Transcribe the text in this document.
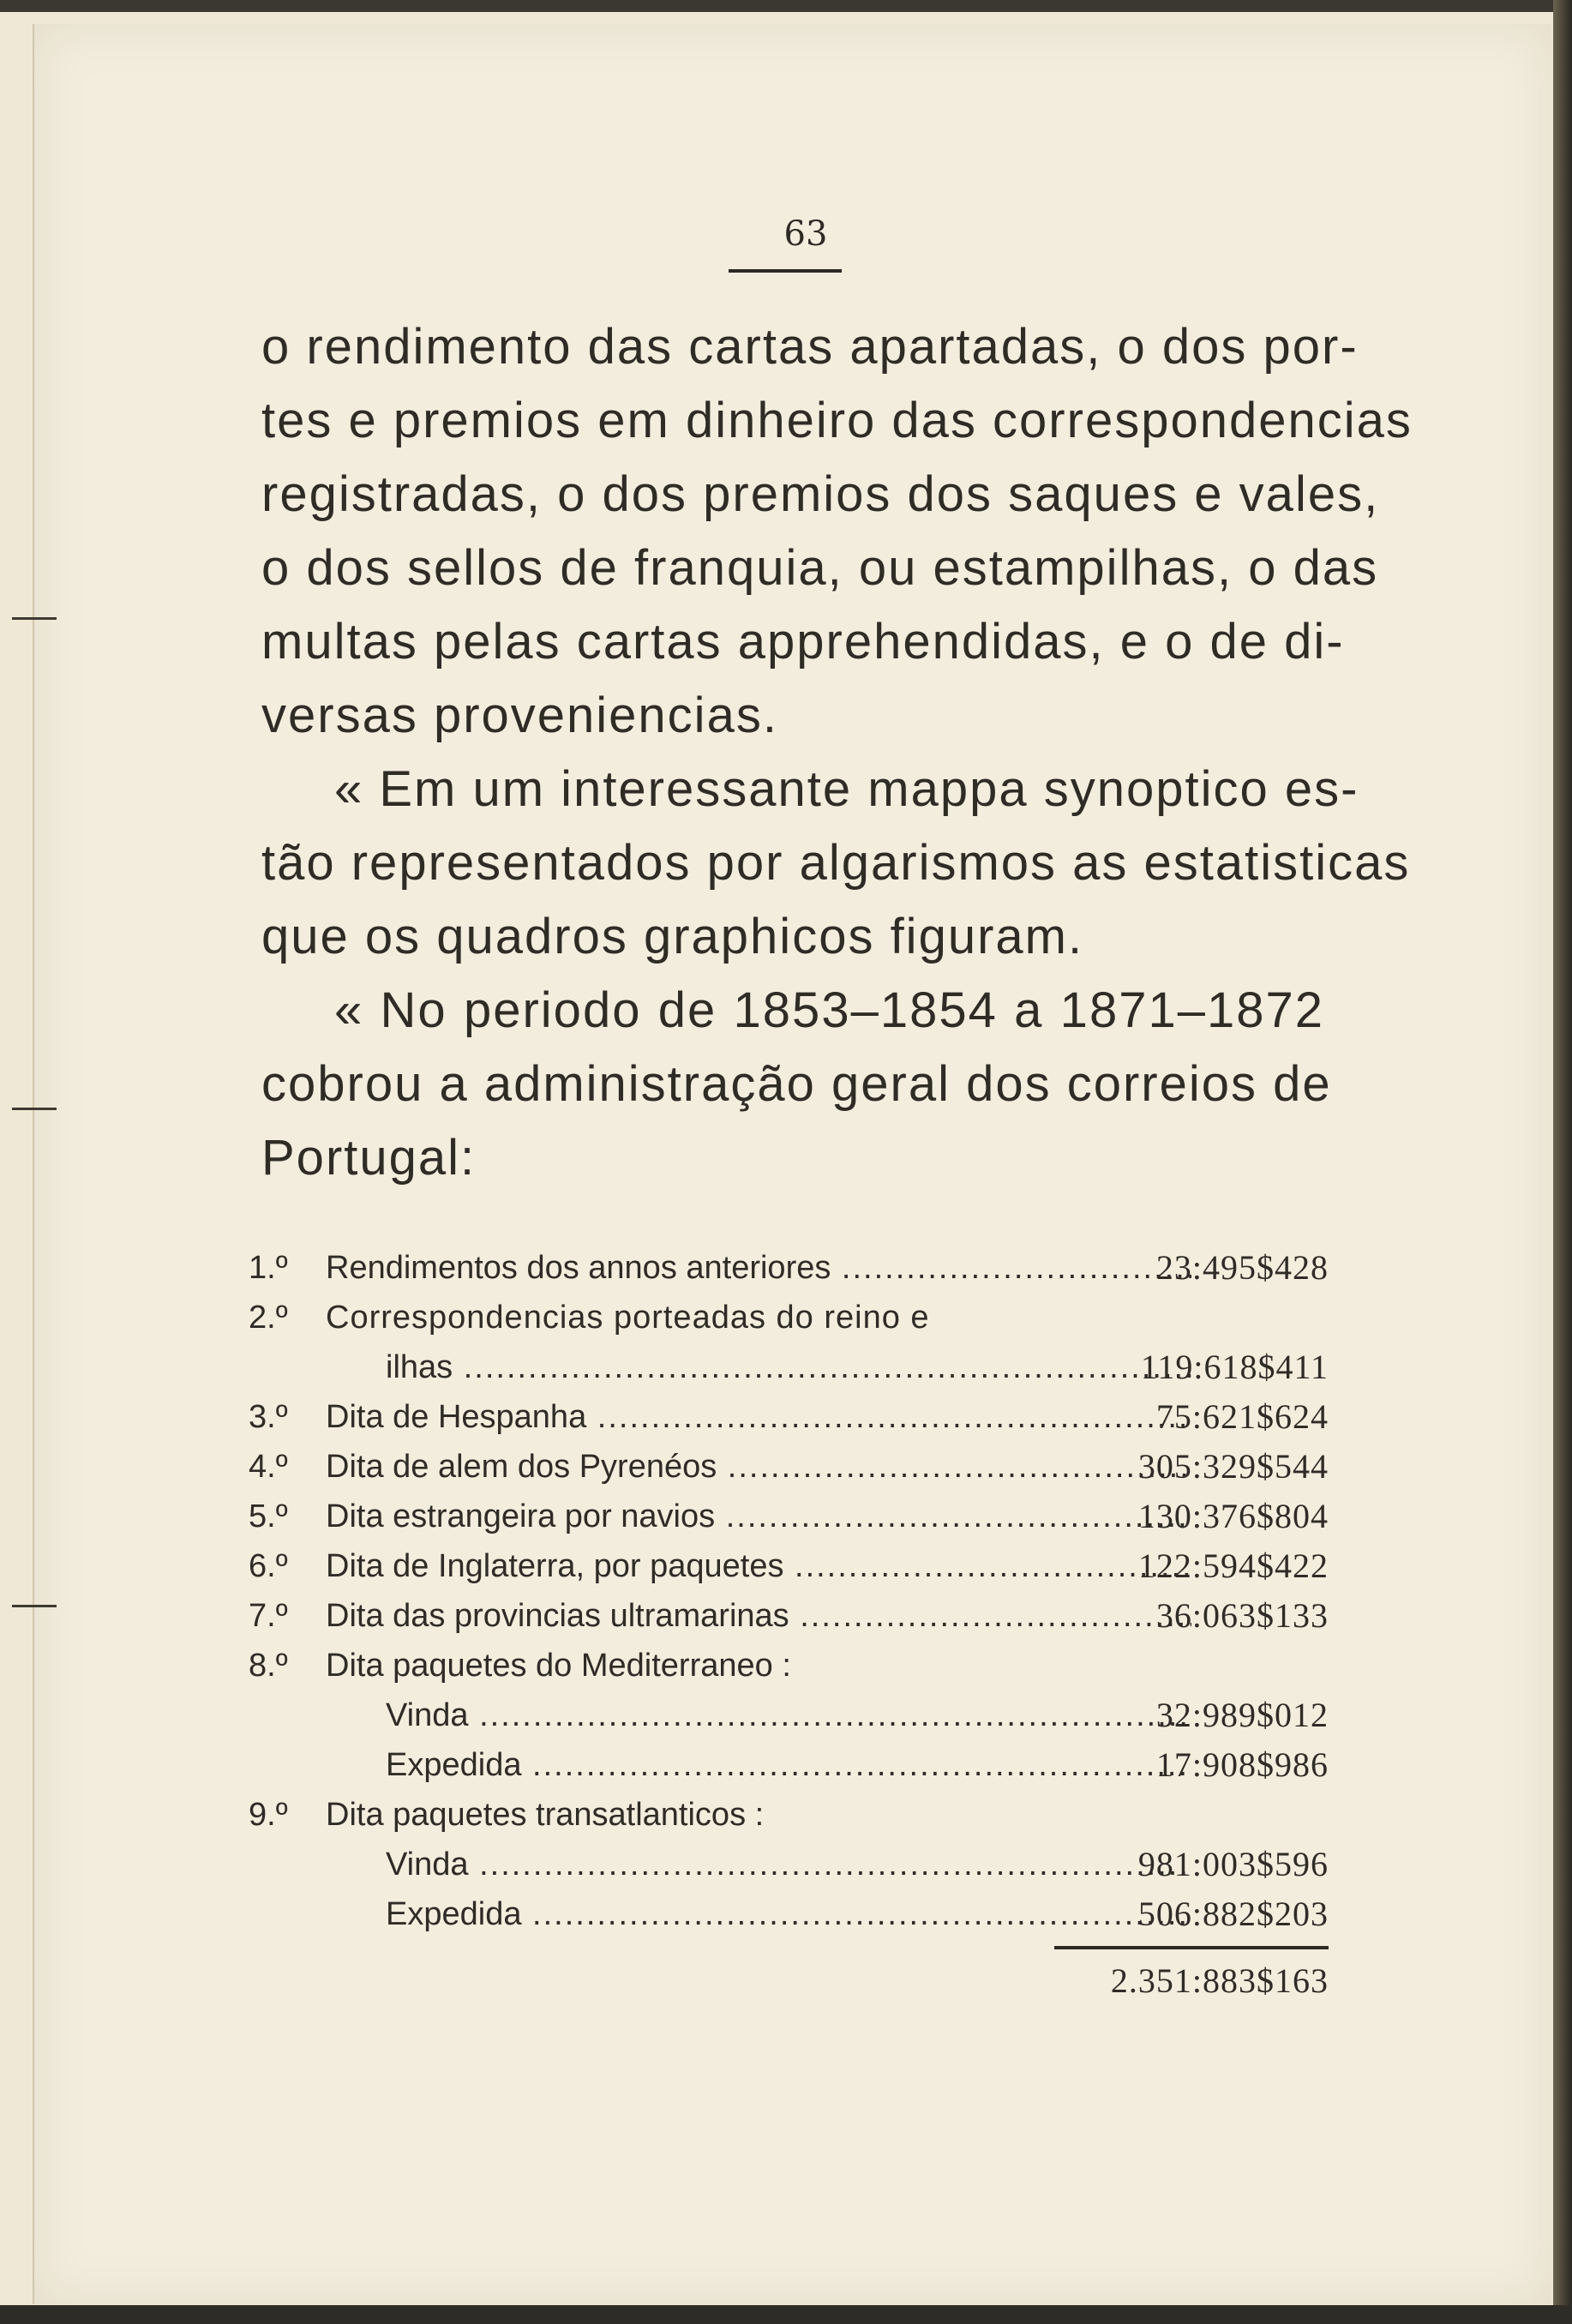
63
o rendimento das cartas apartadas, o dos por-
tes e premios em dinheiro das correspondencias
registradas, o dos premios dos saques e vales,
o dos sellos de franquia, ou estampilhas, o das
multas pelas cartas apprehendidas, e o de di-
versas proveniencias.
« Em um interessante mappa synoptico es-
tão representados por algarismos as estatisticas
que os quadros graphicos figuram.
« No periodo de 1853–1854 a 1871–1872
cobrou a administração geral dos correios de
Portugal:
1.º	Rendimentos dos annos anteriores .....	23:495$428
2.º	Correspondencias porteadas do reino e
ilhas .....	119:618$411
3.º	Dita de Hespanha .....	75:621$624
4.º	Dita de alem dos Pyrenéos .....	305:329$544
5.º	Dita estrangeira por navios .....	130:376$804
6.º	Dita de Inglaterra, por paquetes .....	122:594$422
7.º	Dita das provincias ultramarinas .....	36:063$133
8.º	Dita paquetes do Mediterraneo :
Vinda .....	32:989$012
Expedida .....	17:908$986
9.º	Dita paquetes transatlanticos :
Vinda .....	981:003$596
Expedida .....	506:882$203
2.351:883$163
